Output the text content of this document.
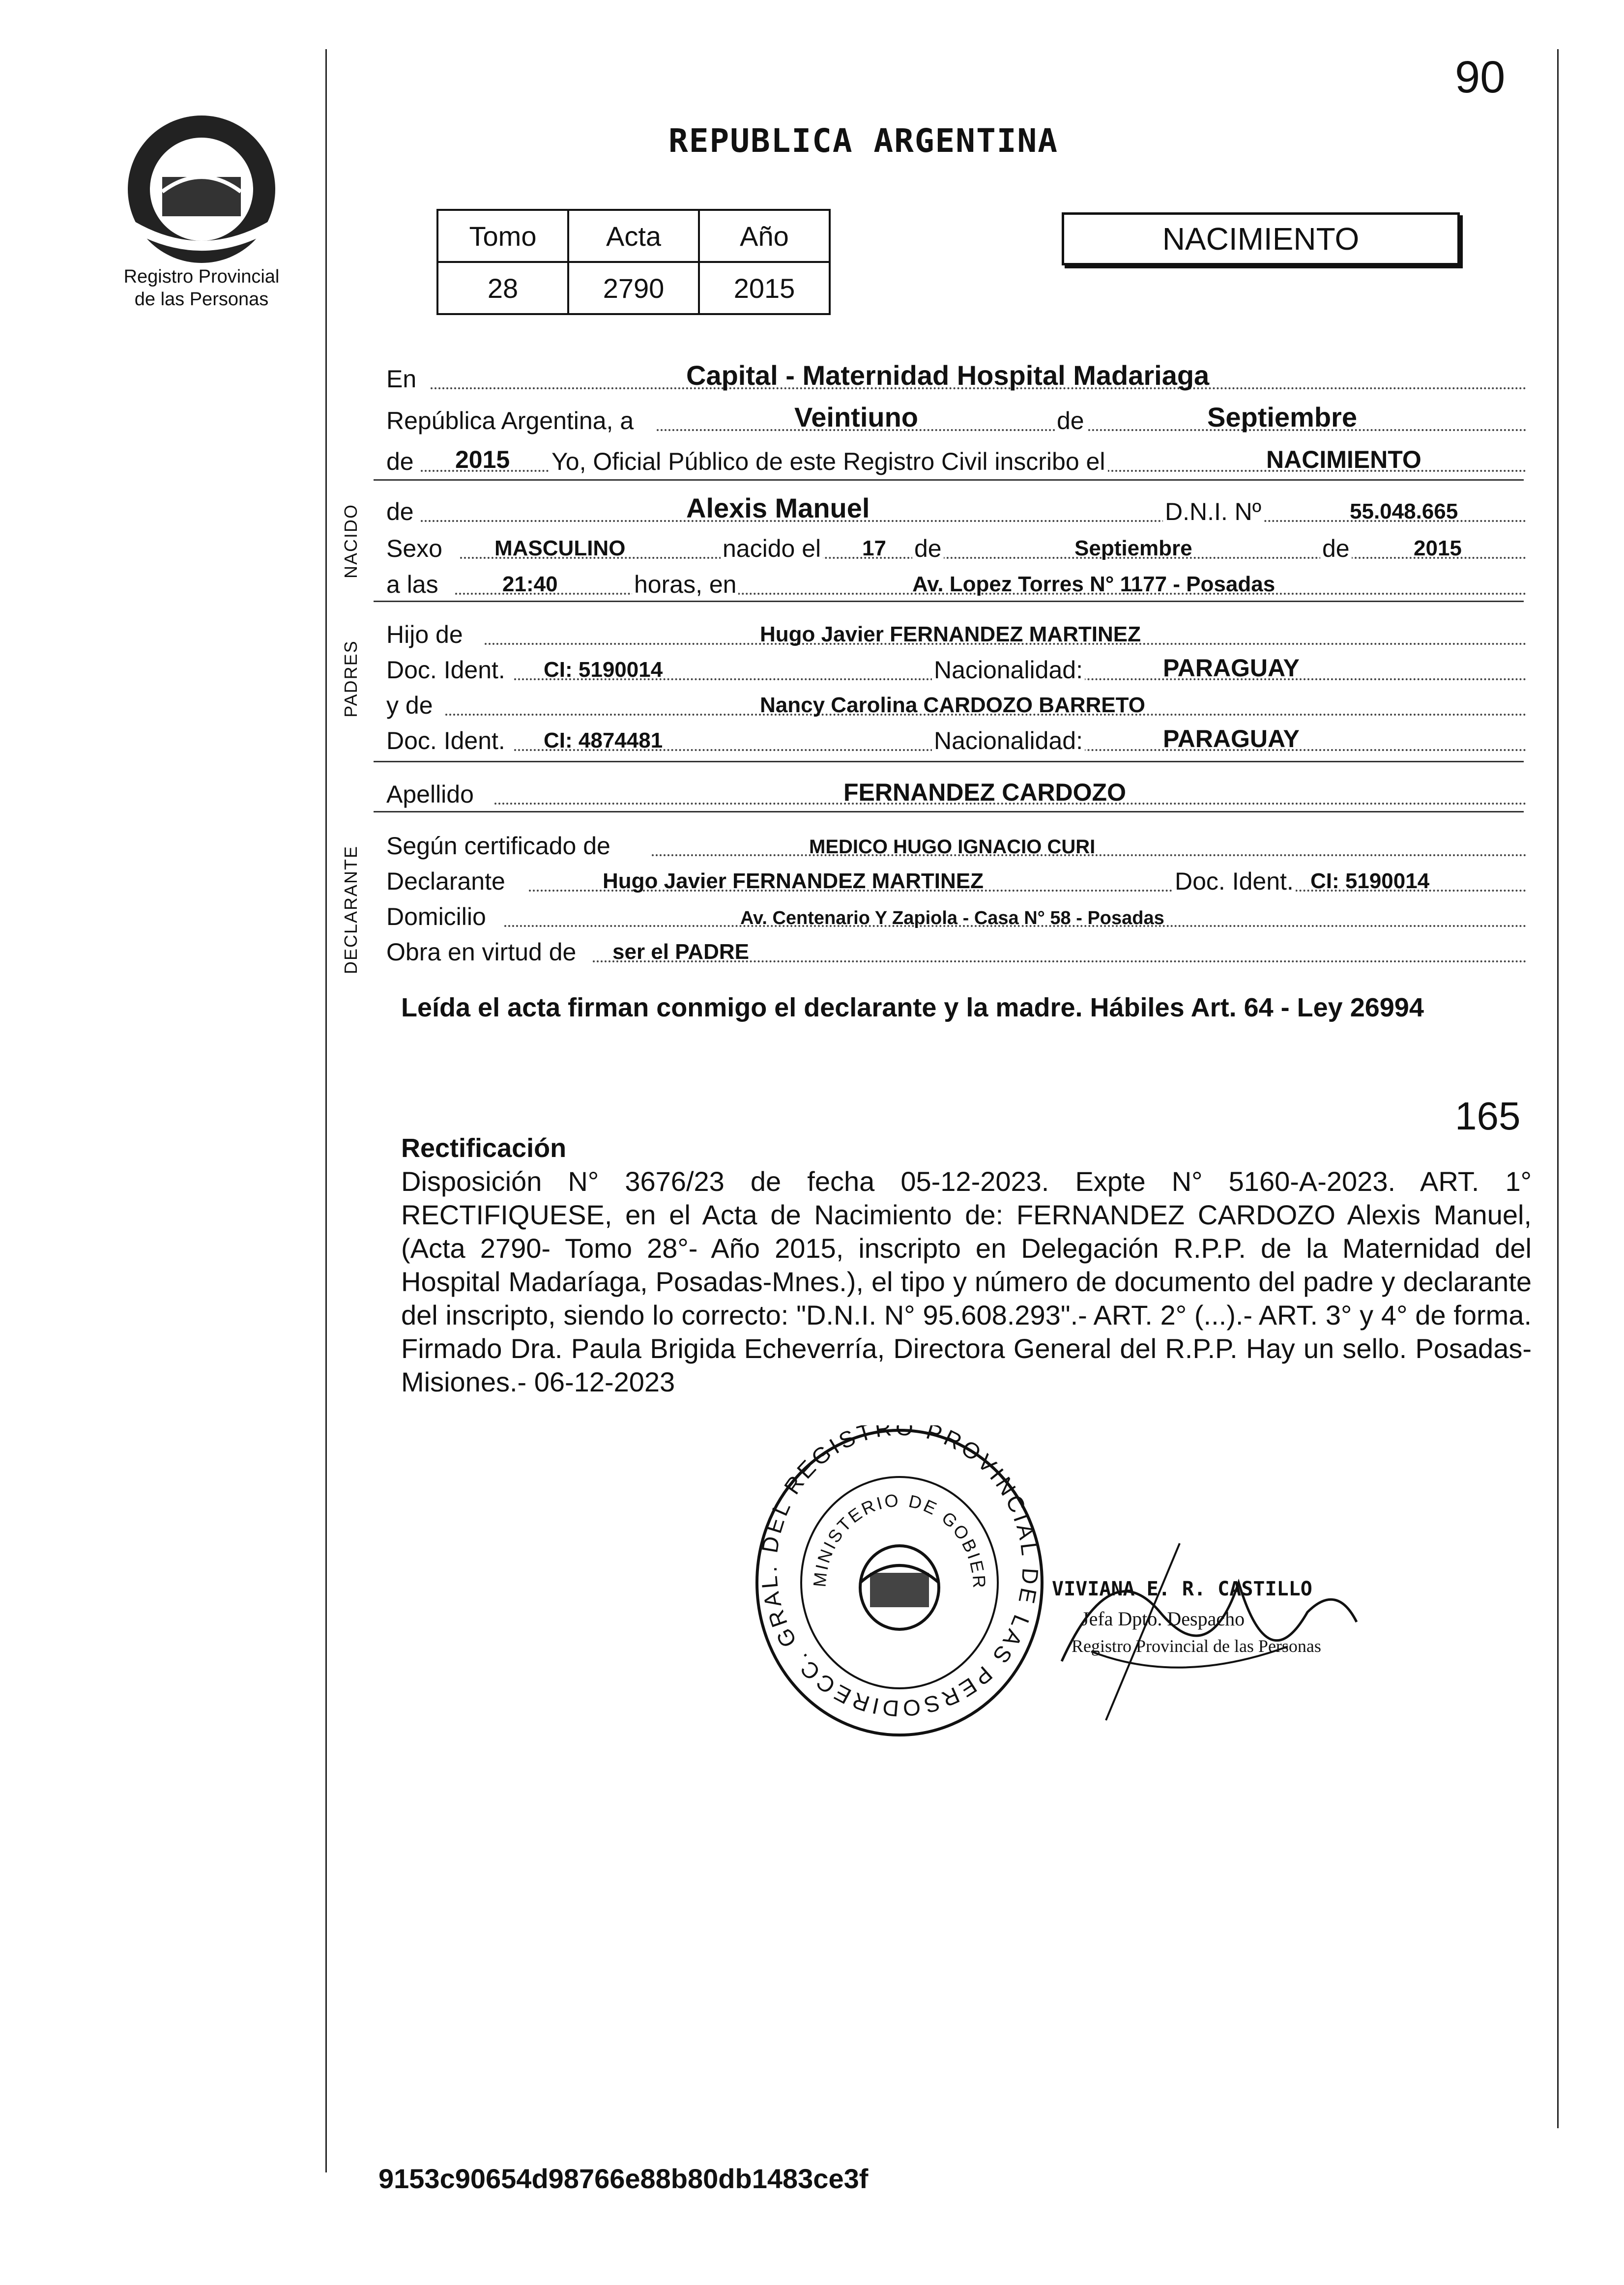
90
Registro Provincial
de las Personas
REPUBLICA ARGENTINA
Tomo	Acta	Año
28	2790	2015
NACIMIENTO
En	Capital - Maternidad Hospital Madariaga
República Argentina, a	Veintiuno	de	Septiembre
de 2015 Yo, Oficial Público de este Registro Civil inscribo el	NACIMIENTO
NACIDO de	Alexis Manuel	D.N.I. Nº	55.048.665
Sexo MASCULINO	nacido el 17 de	Septiembre	de	2015
a las	21:40	horas, en	Av. Lopez Torres N° 1177 - Posadas
PADRES
Hijo de	Hugo Javier FERNANDEZ MARTINEZ
Doc. Ident. CI: 5190014	Nacionalidad:	PARAGUAY
y de	Nancy Carolina CARDOZO BARRETO
Doc. Ident. CI: 4874481	Nacionalidad:	PARAGUAY
Apellido	FERNANDEZ CARDOZO
DECLARANTE Según certificado de	MEDICO HUGO IGNACIO CURI
Declarante	Hugo Javier FERNANDEZ MARTINEZ	Doc. Ident. CI: 5190014
Domicilio	Av. Centenario Y Zapiola - Casa N° 58 - Posadas
Obra en virtud de ser el PADRE
Leída el acta firman conmigo el declarante y la madre. Hábiles Art. 64 - Ley 26994
165
Rectificación
Disposición N° 3676/23 de fecha 05-12-2023. Expte N° 5160-A-2023. ART. 1° RECTIFIQUESE, en el Acta de Nacimiento de: FERNANDEZ CARDOZO Alexis Manuel, (Acta 2790- Tomo 28°- Año 2015, inscripto en Delegación R.P.P. de la Maternidad del Hospital Madaríaga, Posadas-Mnes.), el tipo y número de documento del padre y declarante del inscripto, siendo lo correcto: "D.N.I. N° 95.608.293".- ART. 2° (...).- ART. 3° y 4° de forma. Firmado Dra. Paula Brigida Echeverría, Directora General del R.P.P. Hay un sello. Posadas- Misiones.- 06-12-2023
DIRECC. GRAL. DEL REGISTRO PROVINCIAL DE LAS PERSO
MINISTERIO DE GOBIER	VIVIANA E. R. CASTILLO
Jefa Dpto. Despacho
Registro Provincial de las Personas
9153c90654d98766e88b80db1483ce3f
